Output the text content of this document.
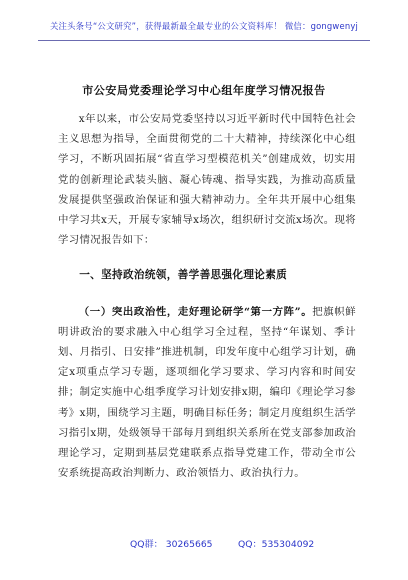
关注头条号“公文研究”，获得最新最全最专业的公文资料库！ 微信：gongwenyj
市公安局党委理论学习中心组年度学习情况报告

x年以来，市公安局党委坚持以习近平新时代中国特色社会主义思想为指导，全面贯彻党的二十大精神，持续深化中心组学习，不断巩固拓展“省直学习型模范机关”创建成效，切实用党的创新理论武装头脑、凝心铸魂、指导实践，为推动高质量发展提供坚强政治保证和强大精神动力。全年共开展中心组集中学习共x天，开展专家辅导x场次，组织研讨交流x场次。现将学习情况报告如下：

一、坚持政治统领，善学善思强化理论素质

（一）突出政治性，走好理论研学“第一方阵”。把旗帜鲜明讲政治的要求融入中心组学习全过程，坚持“年谋划、季计划、月指引、日安排”推进机制，印发年度中心组学习计划，确定x项重点学习专题，逐项细化学习要求、学习内容和时间安排；制定实施中心组季度学习计划安排x期，编印《理论学习参考》x期，围绕学习主题，明确目标任务；制定月度组织生活学习指引x期，处级领导干部每月到组织关系所在党支部参加政治理论学习，定期到基层党建联系点指导党建工作，带动全市公安系统提高政治判断力、政治领悟力、政治执行力。

QQ群： 30265665	QQ：535304092
